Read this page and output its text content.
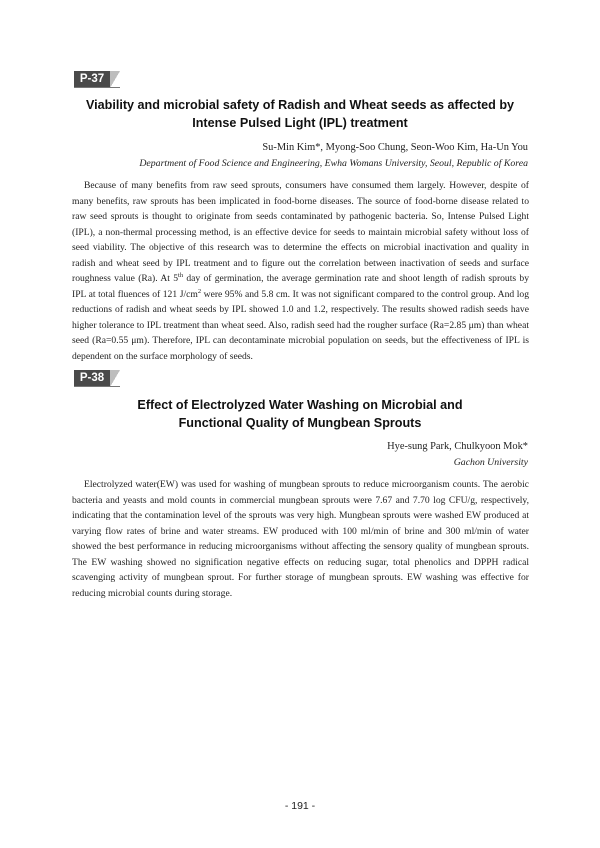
P-37
Viability and microbial safety of Radish and Wheat seeds as affected by
Intense Pulsed Light (IPL) treatment
Su-Min Kim*, Myong-Soo Chung, Seon-Woo Kim, Ha-Un You
Department of Food Science and Engineering, Ewha Womans University, Seoul, Republic of Korea

Because of many benefits from raw seed sprouts, consumers have consumed them largely. However, despite of many benefits, raw sprouts has been implicated in food-borne diseases. The source of food-borne disease related to raw seed sprouts is thought to originate from seeds contaminated by pathogenic bacteria. So, Intense Pulsed Light (IPL), a non-thermal processing method, is an effective device for seeds to maintain microbial safety without loss of seed viability. The objective of this research was to determine the effects on microbial inactivation and quality in radish and wheat seed by IPL treatment and to figure out the correlation between inactivation of seeds and surface roughness value (Ra). At 5th day of germination, the average germination rate and shoot length of radish sprouts by IPL at total fluences of 121 $J/cm^2$ were 95% and 5.8 cm. It was not significant compared to the control group. And log reductions of radish and wheat seeds by IPL showed 1.0 and 1.2, respectively. The results showed radish seeds have higher tolerance to IPL treatment than wheat seed. Also, radish seed had the rougher surface (Ra=2.85 μm) than wheat seed (Ra=0.55 μm). Therefore, IPL can decontaminate microbial population on seeds, but the effectiveness of IPL is dependent on the surface morphology of seeds.

P-38
Effect of Electrolyzed Water Washing on Microbial and
Functional Quality of Mungbean Sprouts
Hye-sung Park, Chulkyoon Mok*
Gachon University

Electrolyzed water(EW) was used for washing of mungbean sprouts to reduce microorganism counts. The aerobic bacteria and yeasts and mold counts in commercial mungbean sprouts were 7.67 and 7.70 log CFU/g, respectively, indicating that the contamination level of the sprouts was very high. Mungbean sprouts were washed EW produced at varying flow rates of brine and water streams. EW produced with 100 ml/min of brine and 300 ml/min of water showed the best performance in reducing microorganisms without affecting the sensory quality of mungbean sprouts. The EW washing showed no signification negative effects on reducing sugar, total phenolics and DPPH radical scavenging activity of mungbean sprout. For further storage of mungbean sprouts. EW washing was effective for reducing microbial counts during storage.

- 191 -
